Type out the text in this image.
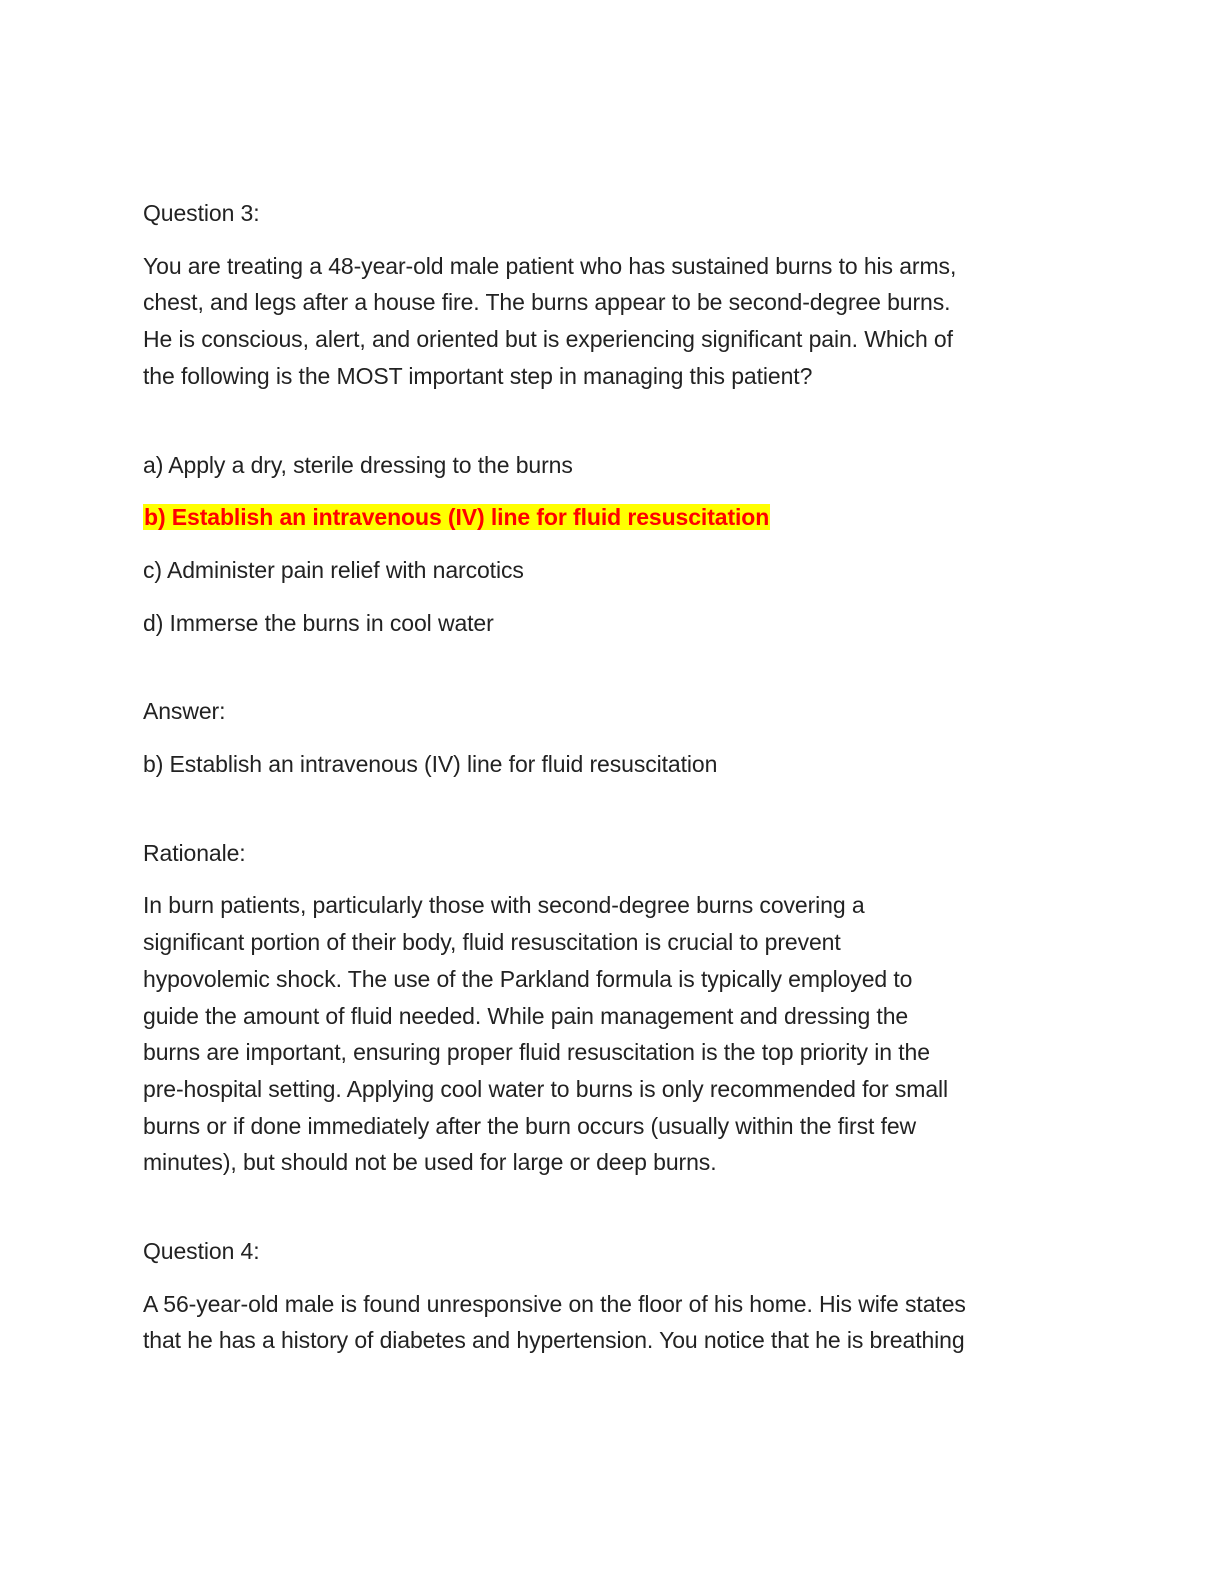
Question 3:
You are treating a 48-year-old male patient who has sustained burns to his arms,
chest, and legs after a house fire. The burns appear to be second-degree burns.
He is conscious, alert, and oriented but is experiencing significant pain. Which of
the following is the MOST important step in managing this patient?
a) Apply a dry, sterile dressing to the burns
b) Establish an intravenous (IV) line for fluid resuscitation
c) Administer pain relief with narcotics
d) Immerse the burns in cool water
Answer:
b) Establish an intravenous (IV) line for fluid resuscitation
Rationale:
In burn patients, particularly those with second-degree burns covering a
significant portion of their body, fluid resuscitation is crucial to prevent
hypovolemic shock. The use of the Parkland formula is typically employed to
guide the amount of fluid needed. While pain management and dressing the
burns are important, ensuring proper fluid resuscitation is the top priority in the
pre-hospital setting. Applying cool water to burns is only recommended for small
burns or if done immediately after the burn occurs (usually within the first few
minutes), but should not be used for large or deep burns.
Question 4:
A 56-year-old male is found unresponsive on the floor of his home. His wife states
that he has a history of diabetes and hypertension. You notice that he is breathing
